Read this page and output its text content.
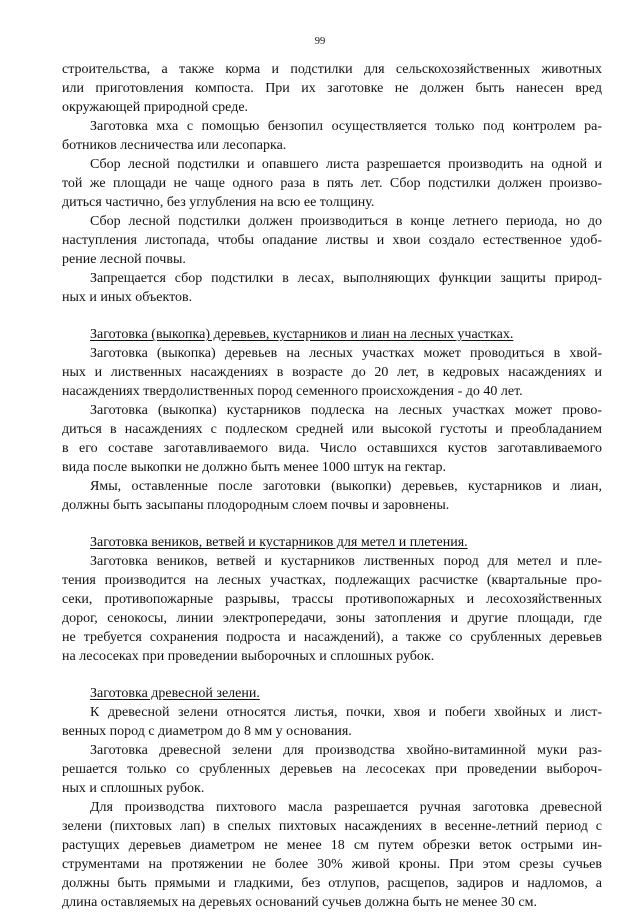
99

строительства, а также корма и подстилки для сельскохозяйственных животных
или приготовления компоста. При их заготовке не должен быть нанесен вред
окружающей природной среде.

Заготовка мха с помощью бензопил осуществляется только под контролем ра-
ботников лесничества или лесопарка.

Сбор лесной подстилки и опавшего листа разрешается производить на одной и
той же площади не чаще одного раза в пять лет. Сбор подстилки должен произво-
диться частично, без углубления на всю ее толщину.

Сбор лесной подстилки должен производиться в конце летнего периода, но до
наступления листопада, чтобы опадание листвы и хвои создало естественное удоб-
рение лесной почвы.

Запрещается сбор подстилки в лесах, выполняющих функции защиты природ-
ных и иных объектов.

Заготовка (выкопка) деревьев, кустарников и лиан на лесных участках.

Заготовка (выкопка) деревьев на лесных участках может проводиться в хвой-
ных и лиственных насаждениях в возрасте до 20 лет, в кедровых насаждениях и
насаждениях твердолиственных пород семенного происхождения - до 40 лет.

Заготовка (выкопка) кустарников подлеска на лесных участках может прово-
диться в насаждениях с подлеском средней или высокой густоты и преобладанием
в его составе заготавливаемого вида. Число оставшихся кустов заготавливаемого
вида после выкопки не должно быть менее 1000 штук на гектар.

Ямы, оставленные после заготовки (выкопки) деревьев, кустарников и лиан,
должны быть засыпаны плодородным слоем почвы и заровнены.

Заготовка веников, ветвей и кустарников для метел и плетения.

Заготовка веников, ветвей и кустарников лиственных пород для метел и пле-
тения производится на лесных участках, подлежащих расчистке (квартальные про-
секи, противопожарные разрывы, трассы противопожарных и лесохозяйственных
дорог, сенокосы, линии электропередачи, зоны затопления и другие площади, где
не требуется сохранения подроста и насаждений), а также со срубленных деревьев
на лесосеках при проведении выборочных и сплошных рубок.

Заготовка древесной зелени.

К древесной зелени относятся листья, почки, хвоя и побеги хвойных и лист-
венных пород с диаметром до 8 мм у основания.

Заготовка древесной зелени для производства хвойно-витаминной муки раз-
решается только со срубленных деревьев на лесосеках при проведении выбороч-
ных и сплошных рубок.

Для производства пихтового масла разрешается ручная заготовка древесной
зелени (пихтовых лап) в спелых пихтовых насаждениях в весенне-летний период с
растущих деревьев диаметром не менее 18 см путем обрезки веток острыми ин-
струментами на протяжении не более 30% живой кроны. При этом срезы сучьев
должны быть прямыми и гладкими, без отлупов, расщепов, задиров и надломов, а
длина оставляемых на деревьях оснований сучьев должна быть не менее 30 см.
